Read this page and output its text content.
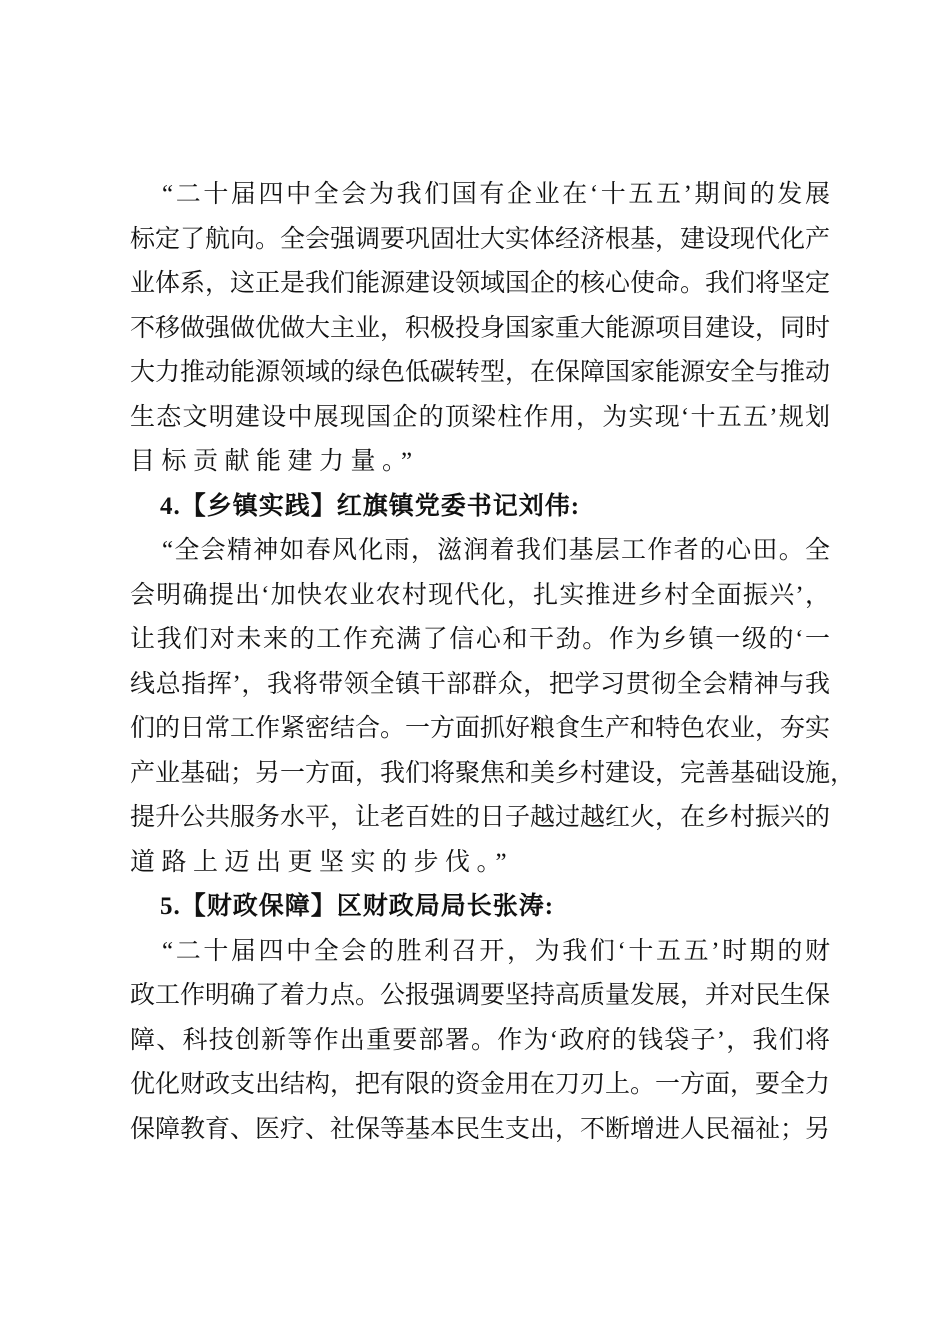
“二十届四中全会为我们国有企业在‘十五五’期间的发展
标定了航向。全会强调要巩固壮大实体经济根基，建设现代化产
业体系，这正是我们能源建设领域国企的核心使命。我们将坚定
不移做强做优做大主业，积极投身国家重大能源项目建设，同时
大力推动能源领域的绿色低碳转型，在保障国家能源安全与推动
生态文明建设中展现国企的顶梁柱作用，为实现‘十五五’规划
目标贡献能建力量。”
4.【乡镇实践】红旗镇党委书记刘伟:
“全会精神如春风化雨，滋润着我们基层工作者的心田。全
会明确提出‘加快农业农村现代化，扎实推进乡村全面振兴’，
让我们对未来的工作充满了信心和干劲。作为乡镇一级的‘一
线总指挥’，我将带领全镇干部群众，把学习贯彻全会精神与我
们的日常工作紧密结合。一方面抓好粮食生产和特色农业，夯实
产业基础；另一方面，我们将聚焦和美乡村建设，完善基础设施，
提升公共服务水平，让老百姓的日子越过越红火，在乡村振兴的
道路上迈出更坚实的步伐。”
5.【财政保障】区财政局局长张涛:
“二十届四中全会的胜利召开，为我们‘十五五’时期的财
政工作明确了着力点。公报强调要坚持高质量发展，并对民生保
障、科技创新等作出重要部署。作为‘政府的钱袋子’，我们将
优化财政支出结构，把有限的资金用在刀刃上。一方面，要全力
保障教育、医疗、社保等基本民生支出，不断增进人民福祉；另
